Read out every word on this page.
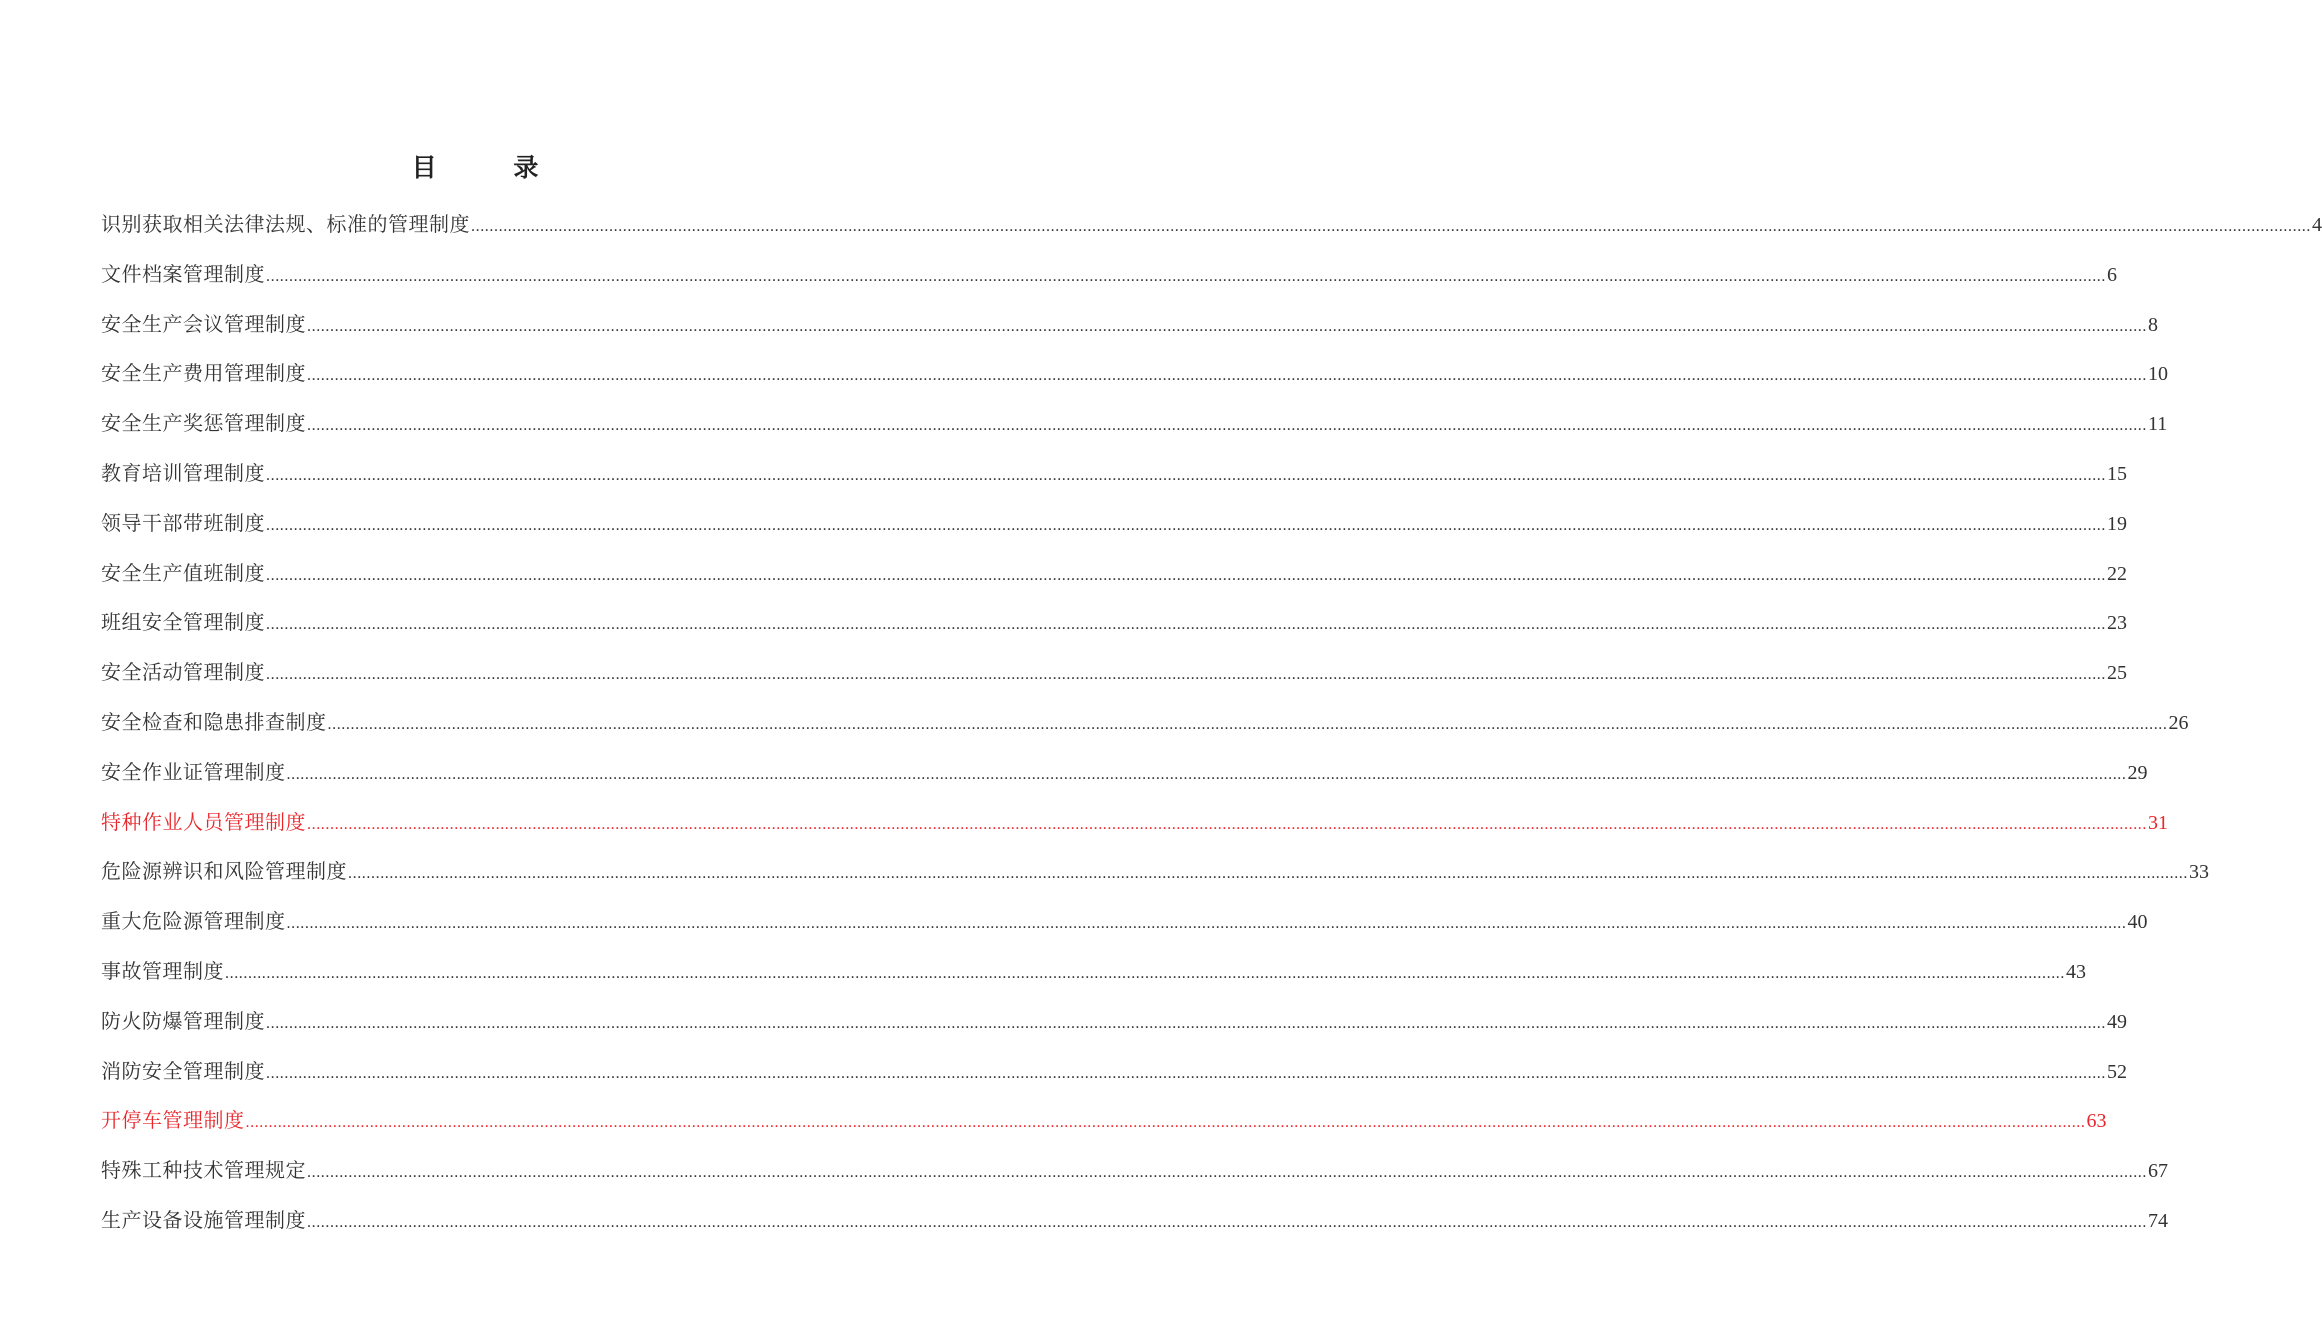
目 录
识别获取相关法律法规、标准的管理制度 ................................................................................................................................................................................................................................................................................................................................................................................................................ 4
文件档案管理制度 ................................................................................................................................................................................................................................................................................................................................................................................................................ 6
安全生产会议管理制度 ................................................................................................................................................................................................................................................................................................................................................................................................................ 8
安全生产费用管理制度 ................................................................................................................................................................................................................................................................................................................................................................................................................ 10
安全生产奖惩管理制度 ................................................................................................................................................................................................................................................................................................................................................................................................................ 11
教育培训管理制度 ................................................................................................................................................................................................................................................................................................................................................................................................................ 15
领导干部带班制度 ................................................................................................................................................................................................................................................................................................................................................................................................................ 19
安全生产值班制度 ................................................................................................................................................................................................................................................................................................................................................................................................................ 22
班组安全管理制度 ................................................................................................................................................................................................................................................................................................................................................................................................................ 23
安全活动管理制度 ................................................................................................................................................................................................................................................................................................................................................................................................................ 25
安全检查和隐患排查制度 ................................................................................................................................................................................................................................................................................................................................................................................................................ 26
安全作业证管理制度 ................................................................................................................................................................................................................................................................................................................................................................................................................ 29
特种作业人员管理制度 ................................................................................................................................................................................................................................................................................................................................................................................................................ 31
危险源辨识和风险管理制度 ................................................................................................................................................................................................................................................................................................................................................................................................................ 33
重大危险源管理制度 ................................................................................................................................................................................................................................................................................................................................................................................................................ 40
事故管理制度 ................................................................................................................................................................................................................................................................................................................................................................................................................ 43
防火防爆管理制度 ................................................................................................................................................................................................................................................................................................................................................................................................................ 49
消防安全管理制度 ................................................................................................................................................................................................................................................................................................................................................................................................................ 52
开停车管理制度 ................................................................................................................................................................................................................................................................................................................................................................................................................ 63
特殊工种技术管理规定 ................................................................................................................................................................................................................................................................................................................................................................................................................ 67
生产设备设施管理制度 ................................................................................................................................................................................................................................................................................................................................................................................................................ 74
